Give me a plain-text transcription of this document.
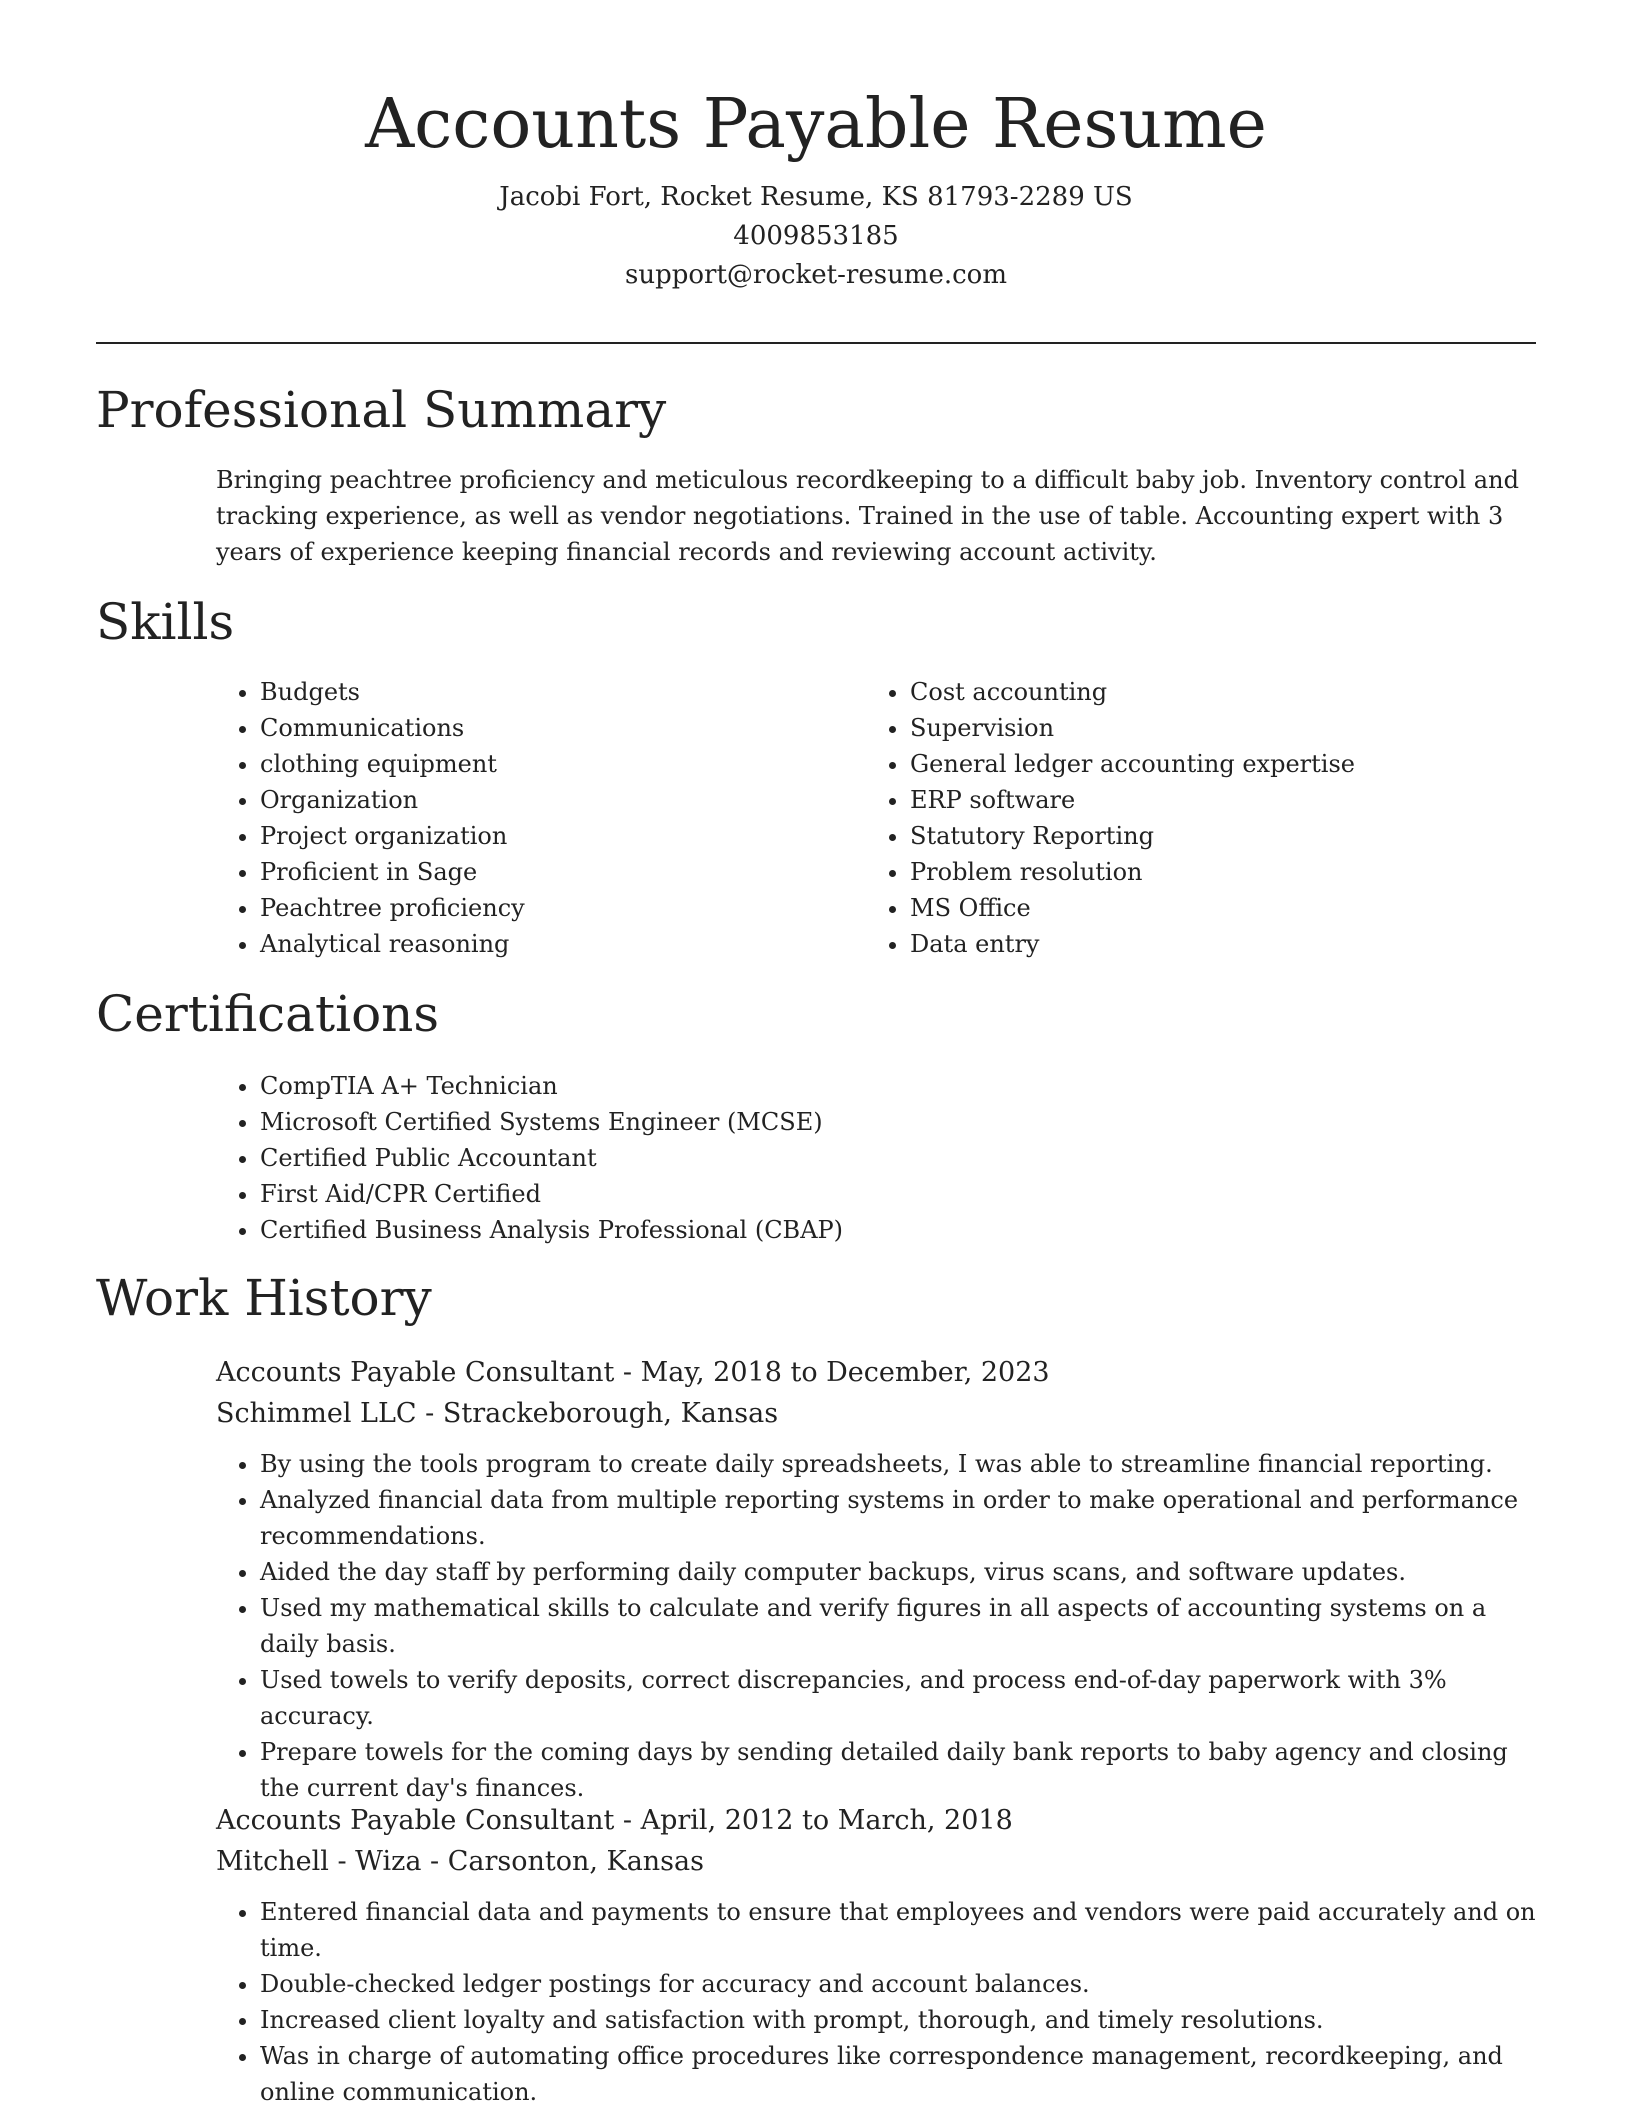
Accounts Payable Resume
Jacobi Fort, Rocket Resume, KS 81793-2289 US
4009853185
support@rocket-resume.com
Professional Summary

Bringing peachtree proficiency and meticulous recordkeeping to a difficult baby job. Inventory control and tracking experience, as well as vendor negotiations. Trained in the use of table. Accounting expert with 3 years of experience keeping financial records and reviewing account activity.

Skills
• Budgets
• Communications
• clothing equipment
• Organization
• Project organization
• Proficient in Sage
• Peachtree proficiency
• Analytical reasoning
• Cost accounting
• Supervision
• General ledger accounting expertise
• ERP software
• Statutory Reporting
• Problem resolution
• MS Office
• Data entry
Certifications
• CompTIA A+ Technician
• Microsoft Certified Systems Engineer (MCSE)
• Certified Public Accountant
• First Aid/CPR Certified
• Certified Business Analysis Professional (CBAP)
Work History

Accounts Payable Consultant - May, 2018 to December, 2023

Schimmel LLC - Strackeborough, Kansas

• By using the tools program to create daily spreadsheets, I was able to streamline financial reporting.
• Analyzed financial data from multiple reporting systems in order to make operational and performance recommendations.
• Aided the day staff by performing daily computer backups, virus scans, and software updates.
• Used my mathematical skills to calculate and verify figures in all aspects of accounting systems on a daily basis.
• Used towels to verify deposits, correct discrepancies, and process end-of-day paperwork with 3% accuracy.
• Prepare towels for the coming days by sending detailed daily bank reports to baby agency and closing the current day's finances.

Accounts Payable Consultant - April, 2012 to March, 2018

Mitchell - Wiza - Carsonton, Kansas

• Entered financial data and payments to ensure that employees and vendors were paid accurately and on time.
• Double-checked ledger postings for accuracy and account balances.
• Increased client loyalty and satisfaction with prompt, thorough, and timely resolutions.
• Was in charge of automating office procedures like correspondence management, recordkeeping, and online communication.
